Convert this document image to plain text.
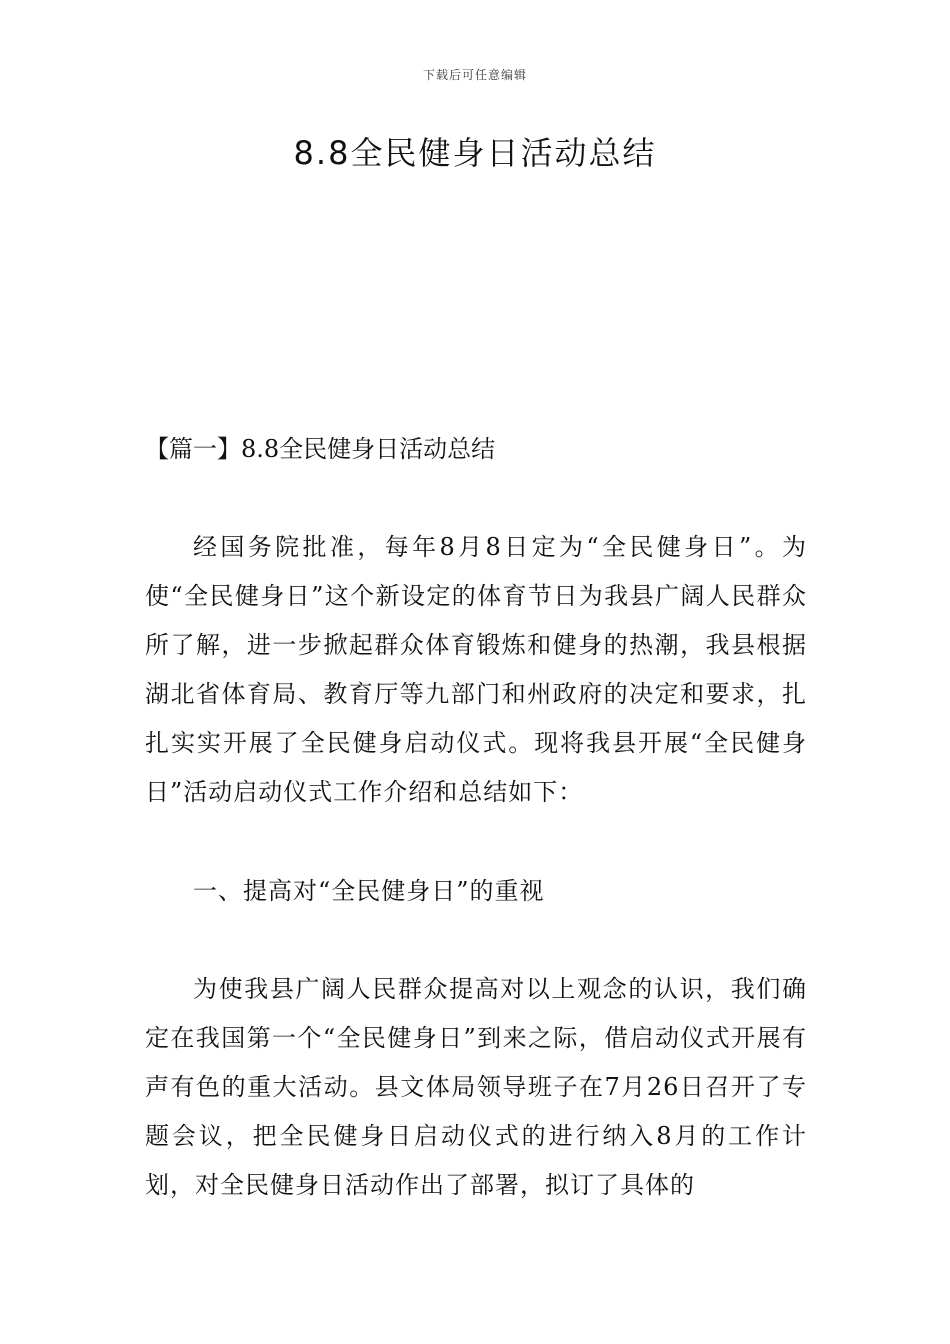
下载后可任意编辑
8.8全民健身日活动总结

【篇一】8.8全民健身日活动总结

经国务院批准，每年8月8日定为“全民健身日”。为使“全民健身日”这个新设定的体育节日为我县广阔人民群众所了解，进一步掀起群众体育锻炼和健身的热潮，我县根据湖北省体育局、教育厅等九部门和州政府的决定和要求，扎扎实实开展了全民健身启动仪式。现将我县开展“全民健身日”活动启动仪式工作介绍和总结如下：

一、提高对“全民健身日”的重视

为使我县广阔人民群众提高对以上观念的认识，我们确定在我国第一个“全民健身日”到来之际，借启动仪式开展有声有色的重大活动。县文体局领导班子在7月26日召开了专题会议，把全民健身日启动仪式的进行纳入8月的工作计划，对全民健身日活动作出了部署，拟订了具体的
